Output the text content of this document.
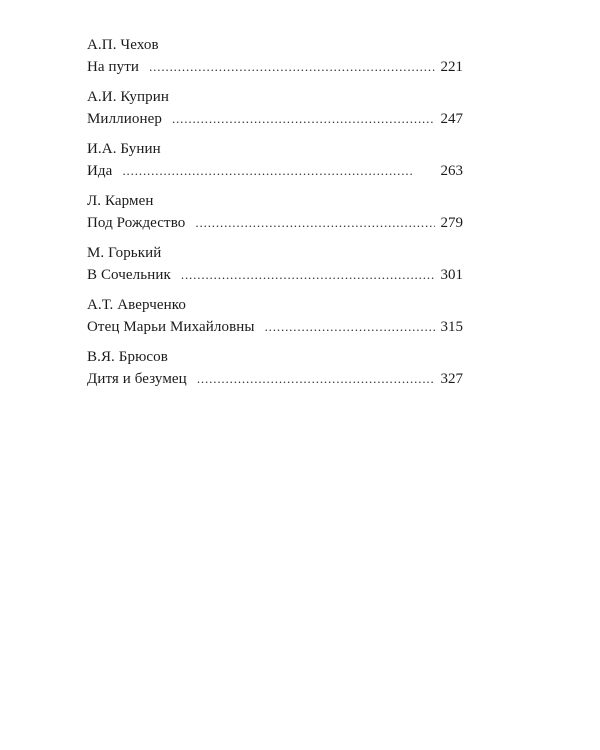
А.П. Чехов
На пути . . .	221
А.И. Куприн
Миллионер . . .	247
И.А. Бунин
Ида . . .	263
Л. Кармен
Под Рождество . . .	279
М. Горький
В Сочельник . . .	301
А.Т. Аверченко
Отец Марьи Михайловны . . .	315
В.Я. Брюсов
Дитя и безумец . . .	327
